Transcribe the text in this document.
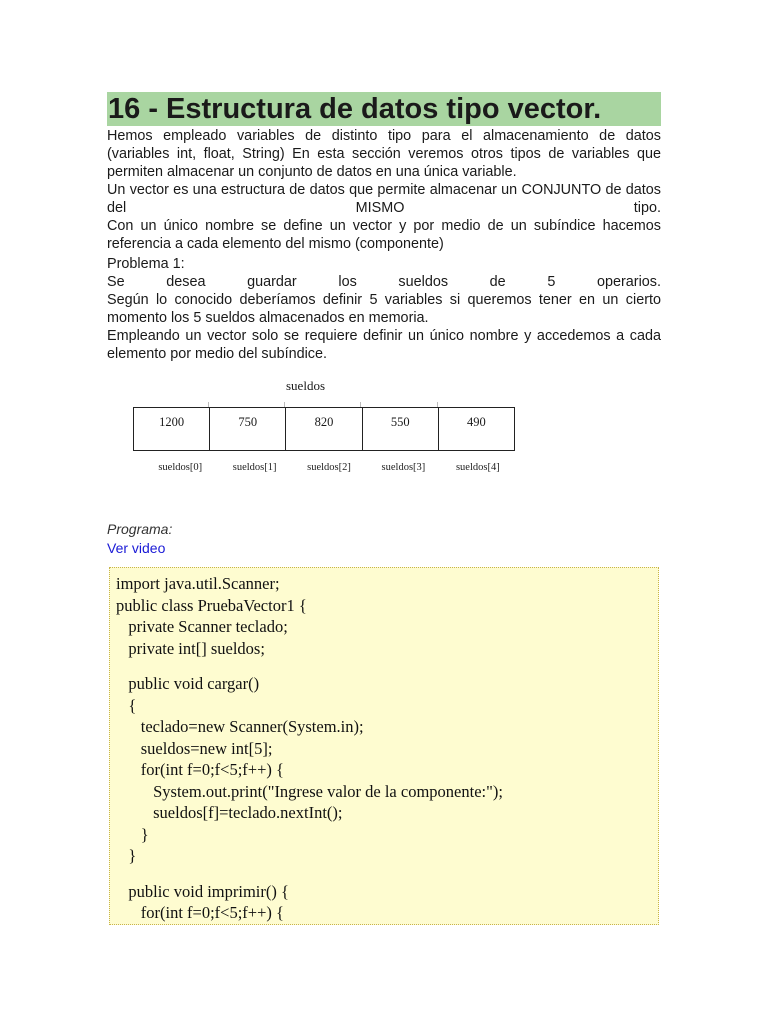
16 - Estructura de datos tipo vector.

Hemos empleado variables de distinto tipo para el almacenamiento de datos (variables int, float, String) En esta sección veremos otros tipos de variables que permiten almacenar un conjunto de datos en una única variable.

Un vector es una estructura de datos que permite almacenar un CONJUNTO de datos del MISMO tipo.

Con un único nombre se define un vector y por medio de un subíndice hacemos referencia a cada elemento del mismo (componente)

Problema 1:

Se desea guardar los sueldos de 5 operarios.

Según lo conocido deberíamos definir 5 variables si queremos tener en un cierto momento los 5 sueldos almacenados en memoria.

Empleando un vector solo se requiere definir un único nombre y accedemos a cada elemento por medio del subíndice.

sueldos
1200	750	820	550	490
sueldos[0]	sueldos[1]	sueldos[2]	sueldos[3]	sueldos[4]
Programa:
Ver video
import java.util.Scanner;
public class PruebaVector1 {
private Scanner teclado;
private int[] sueldos;
public void cargar()
{
teclado=new Scanner(System.in);
sueldos=new int[5];
for(int f=0;f<5;f++) {
System.out.print("Ingrese valor de la componente:");
sueldos[f]=teclado.nextInt();
}
}
public void imprimir() {
for(int f=0;f<5;f++) {
